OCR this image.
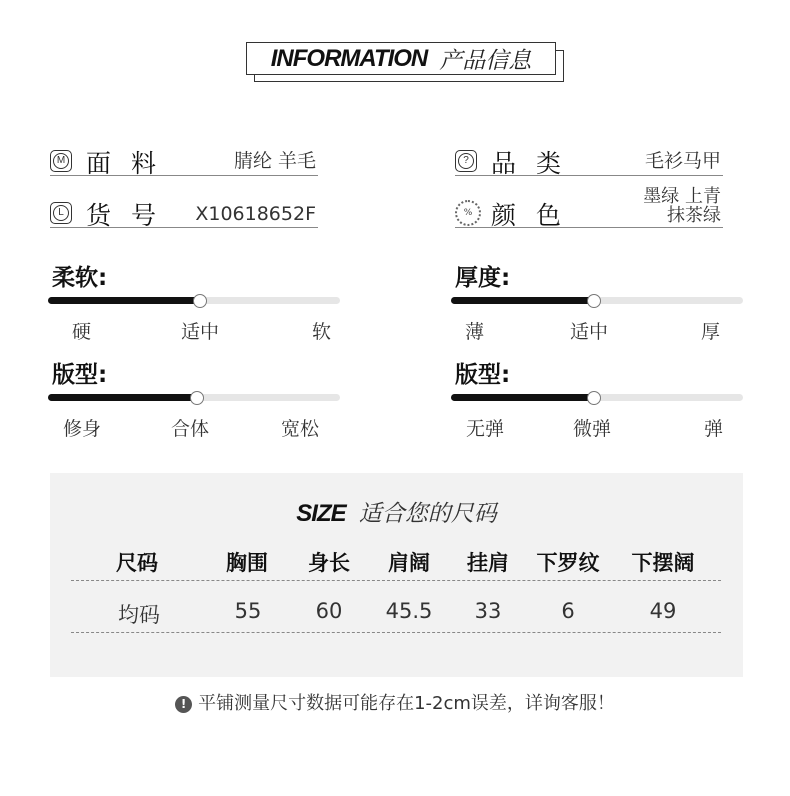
INFORMATION 产品信息
M 面料	腈纶 羊毛	? 品类	毛衫马甲
L 货号 X10618652F	% 颜色
墨绿 上青
抹茶绿
柔软:
硬	适中	软
厚度:
薄	适中	厚
版型:
修身	合体	宽松
版型:
无弹	微弹	弹
SIZE 适合您的尺码
尺码	胸围 身长 肩阔 挂肩 下罗纹 下摆阔
均码	55	60 45.5 33	6	49
! 平铺测量尺寸数据可能存在1-2cm误差，详询客服！
